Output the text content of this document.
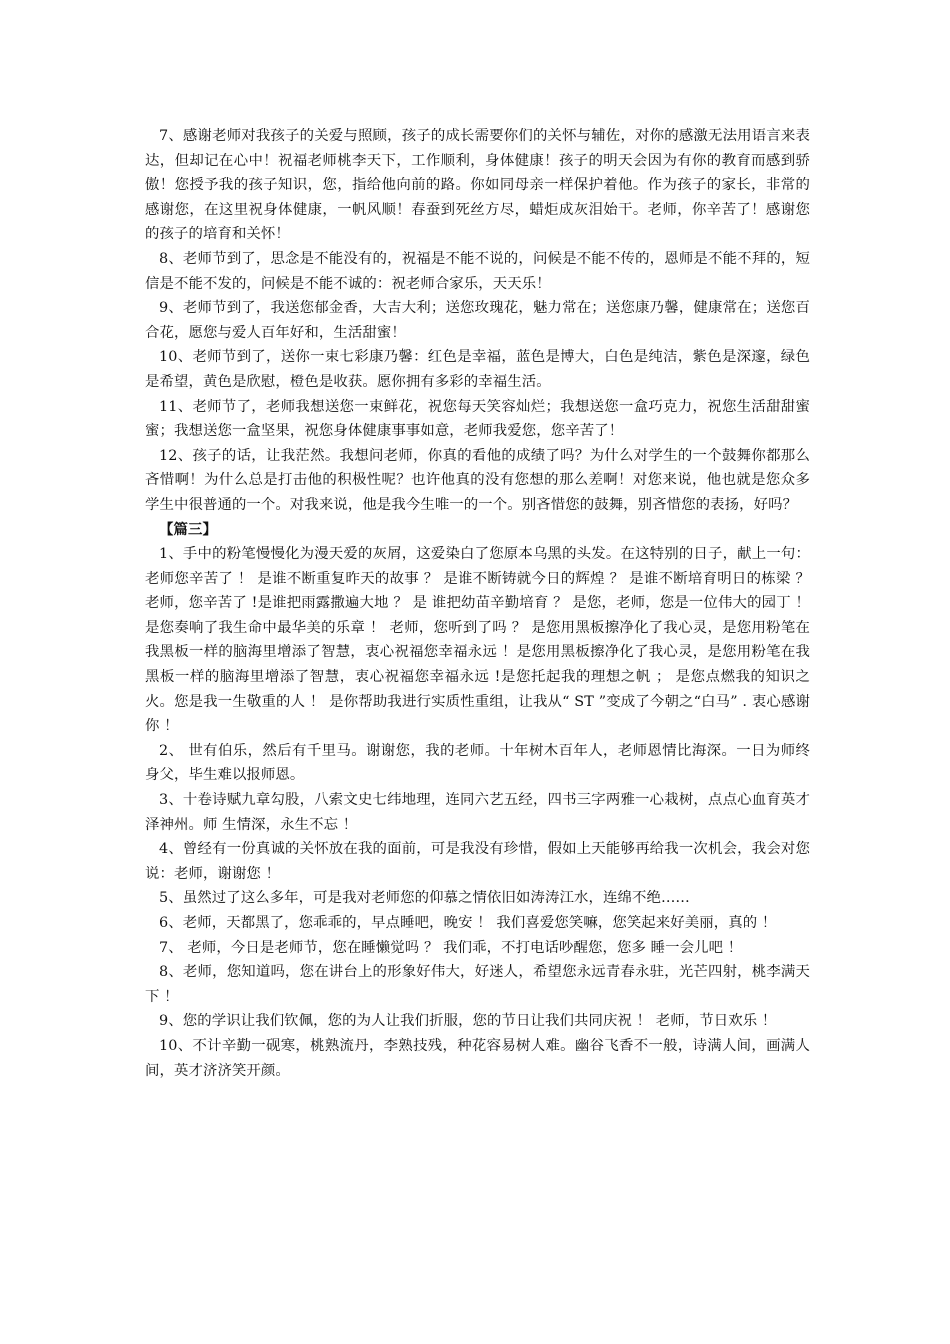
7、感谢老师对我孩子的关爱与照顾，孩子的成长需要你们的关怀与辅佐，对你的感激无法用语言来表达，但却记在心中！祝福老师桃李天下，工作顺利，身体健康！孩子的明天会因为有你的教育而感到骄傲！您授予我的孩子知识，您，指给他向前的路。你如同母亲一样保护着他。作为孩子的家长，非常的感谢您，在这里祝身体健康，一帆风顺！春蚕到死丝方尽，蜡炬成灰泪始干。老师，你辛苦了！感谢您的孩子的培育和关怀！

8、老师节到了，思念是不能没有的，祝福是不能不说的，问候是不能不传的，恩师是不能不拜的，短信是不能不发的，问候是不能不诚的：祝老师合家乐，天天乐！

9、老师节到了，我送您郁金香，大吉大利；送您玫瑰花，魅力常在；送您康乃馨，健康常在；送您百合花，愿您与爱人百年好和，生活甜蜜！

10、老师节到了，送你一束七彩康乃馨：红色是幸福，蓝色是博大，白色是纯洁，紫色是深邃，绿色是希望，黄色是欣慰，橙色是收获。愿你拥有多彩的幸福生活。

11、老师节了，老师我想送您一束鲜花，祝您每天笑容灿烂；我想送您一盒巧克力，祝您生活甜甜蜜蜜；我想送您一盒坚果，祝您身体健康事事如意，老师我爱您，您辛苦了！

12、孩子的话，让我茫然。我想问老师，你真的看他的成绩了吗？为什么对学生的一个鼓舞你都那么吝惜啊！为什么总是打击他的积极性呢？也许他真的没有您想的那么差啊！对您来说，他也就是您众多学生中很普通的一个。对我来说，他是我今生唯一的一个。别吝惜您的鼓舞，别吝惜您的表扬，好吗？

【篇三】

1、手中的粉笔慢慢化为漫天爱的灰屑，这爱染白了您原本乌黑的头发。在这特别的日子，献上一句：老师您辛苦了 ！ 是谁不断重复昨天的故事 ？ 是谁不断铸就今日的辉煌 ？ 是谁不断培育明日的栋梁 ？ 老师，您辛苦了 !是谁把雨露撒遍大地 ？ 是 谁把幼苗辛勤培育 ？ 是您，老师，您是一位伟大的园丁 ！ 是您奏响了我生命中最华美的乐章 ！ 老师，您听到了吗 ？ 是您用黑板擦净化了我心灵，是您用粉笔在我黑板一样的脑海里增添了智慧，衷心祝福您幸福永远 ！是您用黑板擦净化了我心灵，是您用粉笔在我黑板一样的脑海里增添了智慧，衷心祝福您幸福永远 !是您托起我的理想之帆 ； 是您点燃我的知识之火。您是我一生敬重的人 ！ 是你帮助我进行实质性重组，让我从“ ST ”变成了今朝之“白马” . 衷心感谢你 ！

2、 世有伯乐，然后有千里马。谢谢您，我的老师。十年树木百年人，老师恩情比海深。一日为师终 身父，毕生难以报师恩。

3、十卷诗赋九章勾股，八索文史七纬地理，连同六艺五经，四书三字两雅一心栽树，点点心血育英才泽神州。师 生情深，永生不忘 ！

4、曾经有一份真诚的关怀放在我的面前，可是我没有珍惜，假如上天能够再给我一次机会，我会对您说：老师，谢谢您 ！

5、虽然过了这么多年，可是我对老师您的仰慕之情依旧如涛涛江水，连绵不绝……

6、老师，天都黑了，您乖乖的，早点睡吧，晚安 ！ 我们喜爱您笑嘛，您笑起来好美丽，真的 ！

7、 老师，今日是老师节，您在睡懒觉吗 ？ 我们乖，不打电话吵醒您，您多 睡一会儿吧 ！

8、老师，您知道吗，您在讲台上的形象好伟大，好迷人，希望您永远青春永驻，光芒四射，桃李满天下 ！

9、您的学识让我们钦佩，您的为人让我们折服，您的节日让我们共同庆祝 ！ 老师，节日欢乐 ！

10、不计辛勤一砚寒，桃熟流丹，李熟技残，种花容易树人难。幽谷飞香不一般，诗满人间，画满人间，英才济济笑开颜。
